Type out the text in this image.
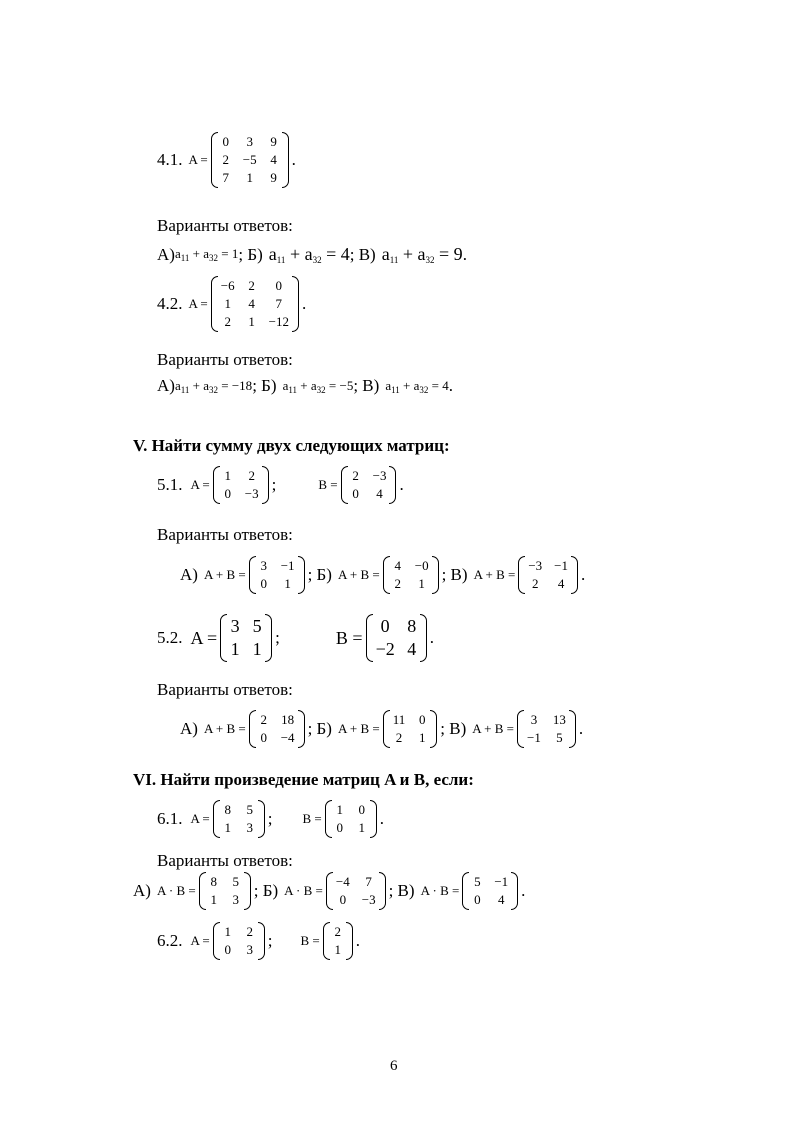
4.1. A =
0 3 9
2 −5 4
7 1 9
.
Варианты ответов:
А) $a_{11} + a_{32} = 1$ ; Б) $a_{11} + a_{32} = 4$ ; В) $a_{11} + a_{32} = 9$ .
4.2. A =
−6 2	0
1 4	7
2 1 −12
.
Варианты ответов:
А) $a_{11} + a_{32} = -18$ ; Б) $a_{11} + a_{32} = -5$ ; В) $a_{11} + a_{32} = 4$ .
V. Найти сумму двух следующих матриц:
5.1. A =
1 2
0 −3 ;	B =
2 −3
0 4 .
Варианты ответов:
А) A + B =
3 −1
0 1 ; Б) A + B =
4 −0
2 1 ; В) A + B =
−3 −1
2 4 .
5.2. A =
3 5
1 1
;	B =
0 8
−2 4
.
Варианты ответов:
А) A + B =
2 18
0 −4 ; Б) A + B =
11 0
2 1 ; В) A + B =
3 13
−1 5 .
VI. Найти произведение матриц A и B, если:
6.1. A =
8 5
1 3 ; B =
1 0
0 1 .
Варианты ответов:
А) A · B =
8 5
1 3 ; Б) A · B =
−4 7
0 −3 ; В) A · B =
5 −1
0 4 .
6.2. A =
1 2
0 3 ; B =
2
1 .
6
